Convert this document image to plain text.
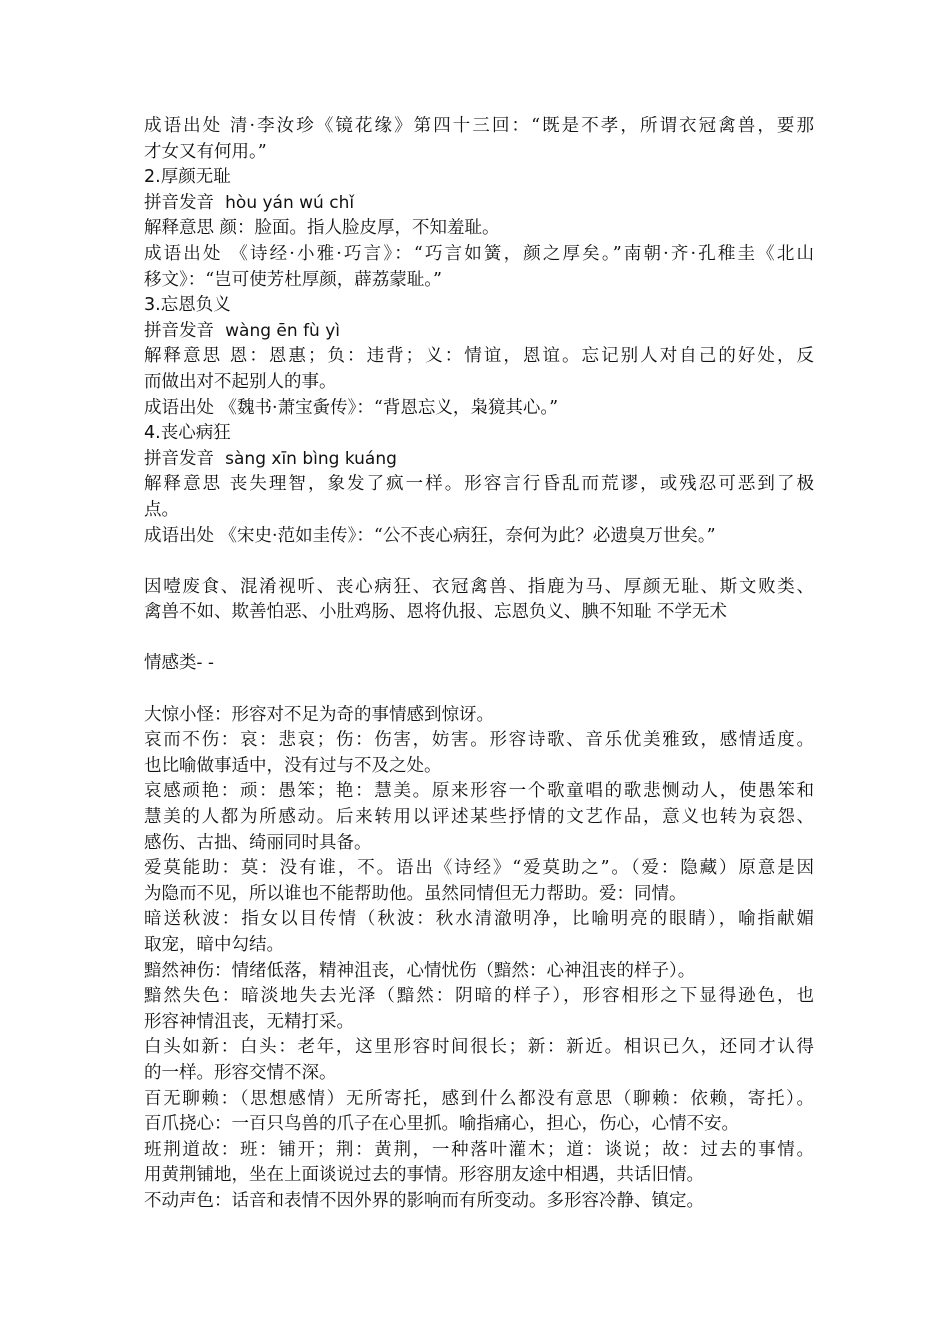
成语出处 清·李汝珍《镜花缘》第四十三回：“既是不孝，所谓衣冠禽兽，要那
才女又有何用。”
2.厚颜无耻
拼音发音 hòu yán wú chǐ
解释意思 颜：脸面。指人脸皮厚，不知羞耻。
成语出处 《诗经·小雅·巧言》：“巧言如簧，颜之厚矣。”南朝·齐·孔稚圭《北山
移文》：“岂可使芳杜厚颜，薜荔蒙耻。”
3.忘恩负义
拼音发音 wàng ēn fù yì
解释意思 恩：恩惠；负：违背；义：情谊，恩谊。忘记别人对自己的好处，反
而做出对不起别人的事。
成语出处 《魏书·萧宝夤传》：“背恩忘义，枭獍其心。”
4.丧心病狂
拼音发音 sàng xīn bìng kuáng
解释意思 丧失理智，象发了疯一样。形容言行昏乱而荒谬，或残忍可恶到了极
点。
成语出处 《宋史·范如圭传》：“公不丧心病狂，奈何为此？必遗臭万世矣。”
因噎废食、混淆视听、丧心病狂、衣冠禽兽、指鹿为马、厚颜无耻、斯文败类、
禽兽不如、欺善怕恶、小肚鸡肠、恩将仇报、忘恩负义、腆不知耻 不学无术
情感类- -
大惊小怪：形容对不足为奇的事情感到惊讶。
哀而不伤：哀：悲哀；伤：伤害，妨害。形容诗歌、音乐优美雅致，感情适度。
也比喻做事适中，没有过与不及之处。
哀感顽艳：顽：愚笨；艳：慧美。原来形容一个歌童唱的歌悲恻动人，使愚笨和
慧美的人都为所感动。后来转用以评述某些抒情的文艺作品，意义也转为哀怨、
感伤、古拙、绮丽同时具备。
爱莫能助：莫：没有谁，不。语出《诗经》“爱莫助之”。（爱：隐藏）原意是因
为隐而不见，所以谁也不能帮助他。虽然同情但无力帮助。爱：同情。
暗送秋波：指女以目传情（秋波：秋水清澈明净，比喻明亮的眼睛），喻指献媚
取宠，暗中勾结。
黯然神伤：情绪低落，精神沮丧，心情忧伤（黯然：心神沮丧的样子）。
黯然失色：暗淡地失去光泽（黯然：阴暗的样子），形容相形之下显得逊色，也
形容神情沮丧，无精打采。
白头如新：白头：老年，这里形容时间很长；新：新近。相识已久，还同才认得
的一样。形容交情不深。
百无聊赖：（思想感情）无所寄托，感到什么都没有意思（聊赖：依赖，寄托）。
百爪挠心：一百只鸟兽的爪子在心里抓。喻指痛心，担心，伤心，心情不安。
班荆道故：班：铺开；荆：黄荆，一种落叶灌木；道：谈说；故：过去的事情。
用黄荆铺地，坐在上面谈说过去的事情。形容朋友途中相遇，共话旧情。
不动声色：话音和表情不因外界的影响而有所变动。多形容冷静、镇定。
